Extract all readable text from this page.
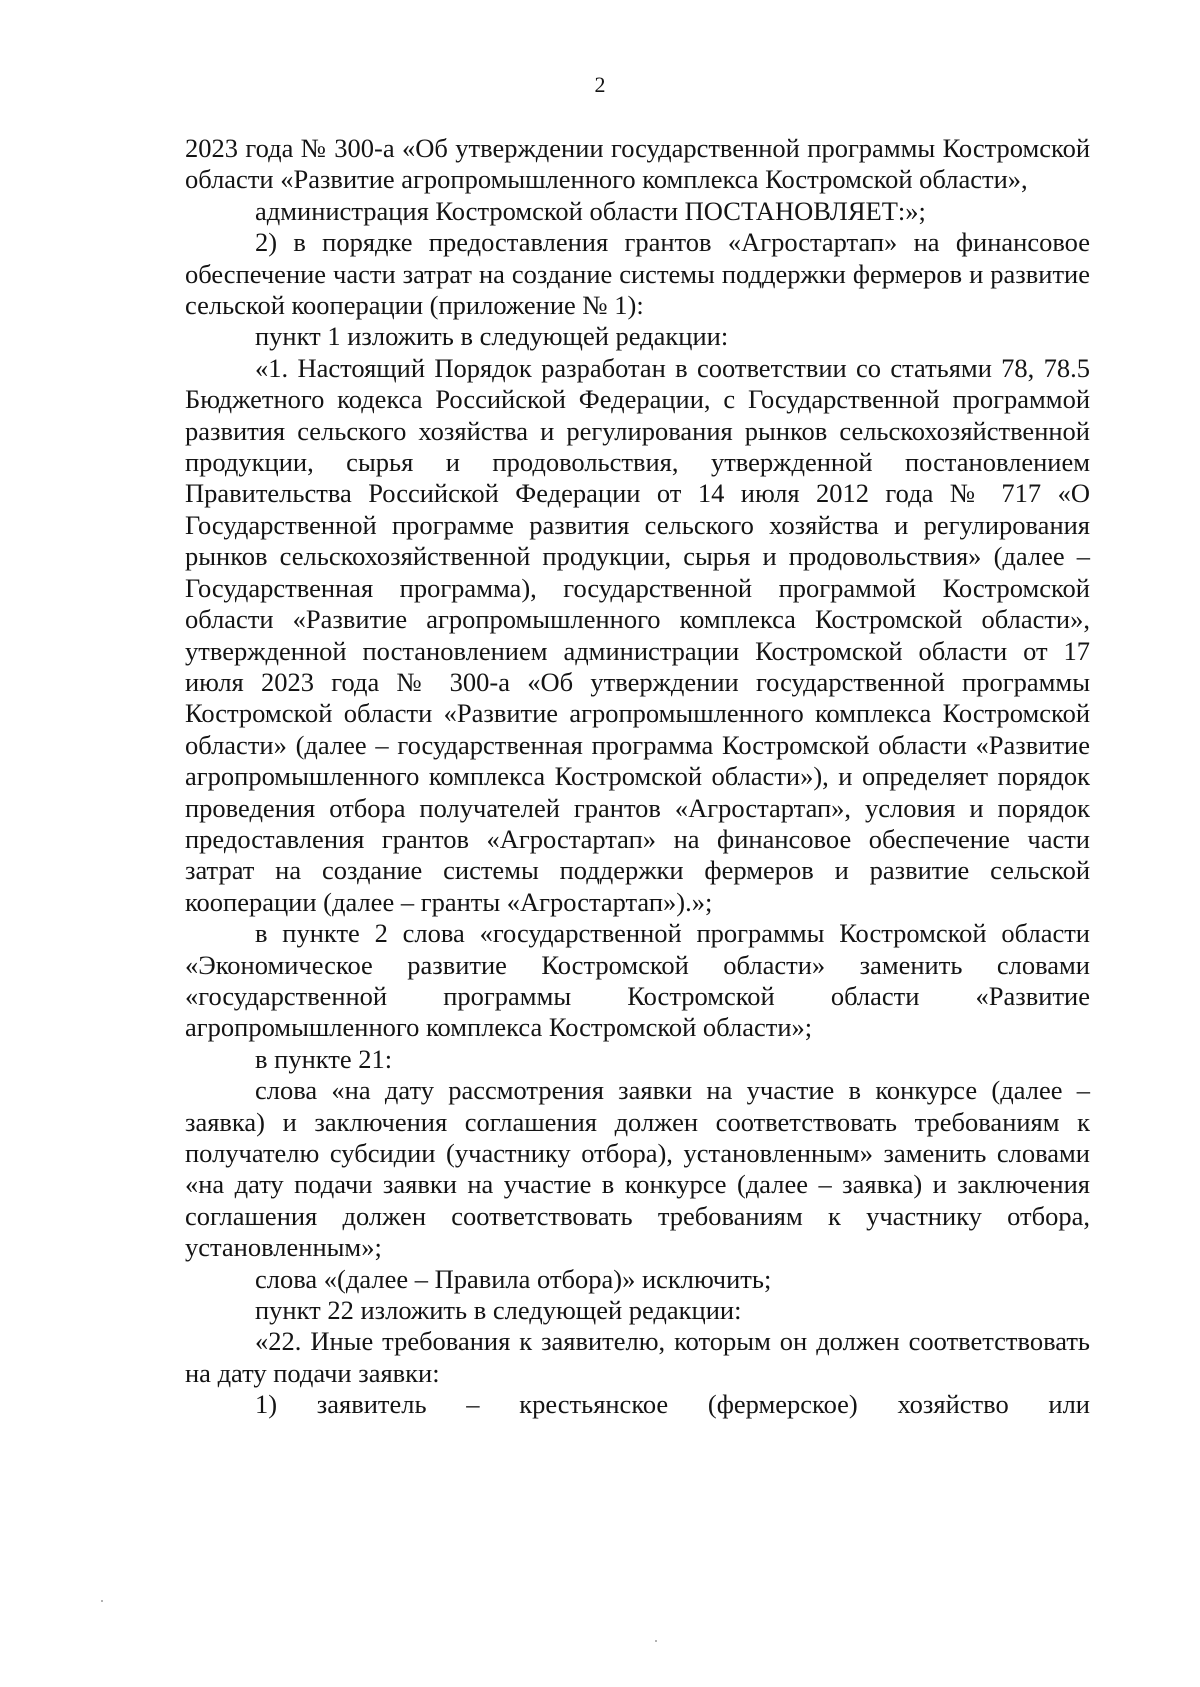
2

2023 года № 300-а «Об утверждении государственной программы Костромской области «Развитие агропромышленного комплекса Костромской области»,

администрация Костромской области ПОСТАНОВЛЯЕТ:»;

2) в порядке предоставления грантов «Агростартап» на финансовое обеспечение части затрат на создание системы поддержки фермеров и развитие сельской кооперации (приложение № 1):

пункт 1 изложить в следующей редакции:

«1. Настоящий Порядок разработан в соответствии со статьями 78, 78.5 Бюджетного кодекса Российской Федерации, с Государственной программой развития сельского хозяйства и регулирования рынков сельскохозяйственной продукции, сырья и продовольствия, утвержденной постановлением Правительства Российской Федерации от 14 июля 2012 года № 717 «О Государственной программе развития сельского хозяйства и регулирования рынков сельскохозяйственной продукции, сырья и продовольствия» (далее – Государственная программа), государственной программой Костромской области «Развитие агропромышленного комплекса Костромской области», утвержденной постановлением администрации Костромской области от 17 июля 2023 года № 300-а «Об утверждении государственной программы Костромской области «Развитие агропромышленного комплекса Костромской области» (далее – государственная программа Костромской области «Развитие агропромышленного комплекса Костромской области»), и определяет порядок проведения отбора получателей грантов «Агростартап», условия и порядок предоставления грантов «Агростартап» на финансовое обеспечение части затрат на создание системы поддержки фермеров и развитие сельской кооперации (далее – гранты «Агростартап»).»;

в пункте 2 слова «государственной программы Костромской области «Экономическое развитие Костромской области» заменить словами «государственной программы Костромской области «Развитие агропромышленного комплекса Костромской области»;

в пункте 21:

слова «на дату рассмотрения заявки на участие в конкурсе (далее – заявка) и заключения соглашения должен соответствовать требованиям к получателю субсидии (участнику отбора), установленным» заменить словами «на дату подачи заявки на участие в конкурсе (далее – заявка) и заключения соглашения должен соответствовать требованиям к участнику отбора, установленным»;

слова «(далее – Правила отбора)» исключить;

пункт 22 изложить в следующей редакции:

«22. Иные требования к заявителю, которым он должен соответствовать на дату подачи заявки:

1) заявитель – крестьянское (фермерское) хозяйство или
